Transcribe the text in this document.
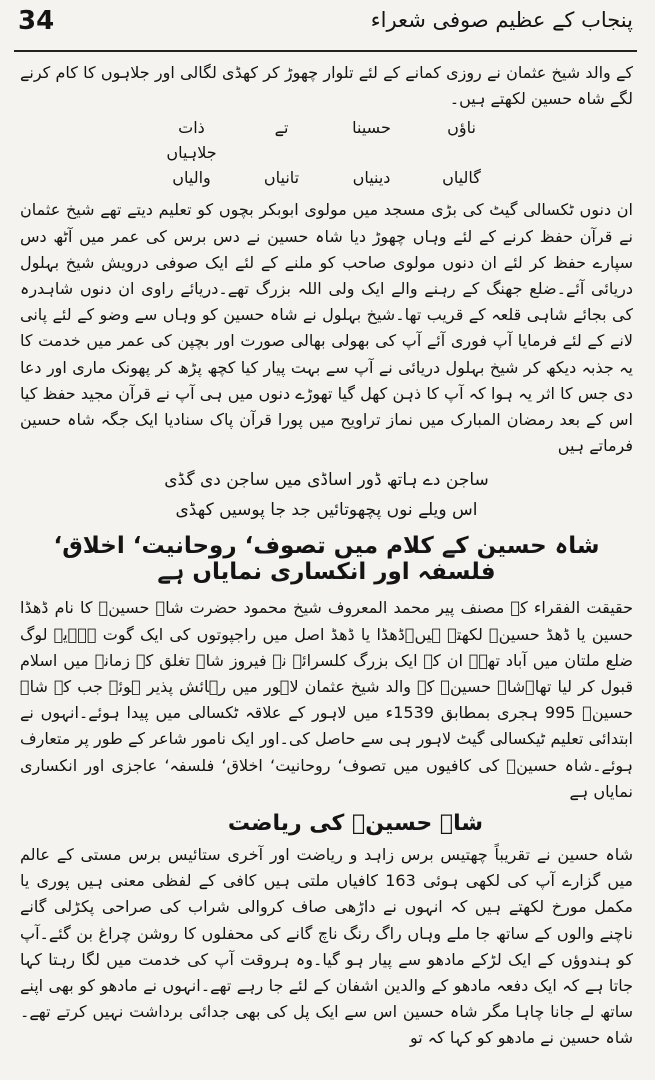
34	پنجاب کے عظیم صوفی شعراء

کے والد شیخ عثمان نے روزی کمانے کے لئے تلوار چھوڑ کر کھڈی لگالی اور جلاہوں کا کام کرنے لگے شاہ حسین لکھتے ہیں۔

ناؤں
حسینا
تے
ذات
جلاہیاں
گالیاں
دینیاں
تانیاں
والیاں

ان دنوں ٹکسالی گیٹ کی بڑی مسجد میں مولوی ابوبکر بچوں کو تعلیم دیتے تھے شیخ عثمان نے قرآن حفظ کرنے کے لئے وہاں چھوڑ دیا شاہ حسین نے دس برس کی عمر میں آٹھ دس سپارے حفظ کر لئے ان دنوں مولوی صاحب کو ملنے کے لئے ایک صوفی درویش شیخ بہلول دریائی آئے۔ضلع جھنگ کے رہنے والے ایک ولی اللہ بزرگ تھے۔دریائے راوی ان دنوں شاہدرہ کی بجائے شاہی قلعہ کے قریب تھا۔شیخ بہلول نے شاہ حسین کو وہاں سے وضو کے لئے پانی لانے کے لئے فرمایا آپ فوری آئے آپ کی بھولی بھالی صورت اور بچپن کی عمر میں خدمت کا یہ جذبہ دیکھ کر شیخ بہلول دریائی نے آپ سے بہت پیار کیا کچھ پڑھ کر پھونک ماری اور دعا دی جس کا اثر یہ ہوا کہ آپ کا ذہن کھل گیا تھوڑے دنوں میں ہی آپ نے قرآن مجید حفظ کیا اس کے بعد رمضان المبارک میں نماز تراویح میں پورا قرآن پاک سنادیا ایک جگہ شاہ حسین فرماتے ہیں

ساجن دے ہاتھ ڈور اساڈی میں ساجن دی گڈی
اس ویلے نوں پچھوتائیں جد جا پوسیں کھڈی
شاہ حسین کے کلام میں تصوف‘ روحانیت‘ اخلاق‘ فلسفہ اور انکساری نمایاں ہے

حقیقت الفقراء کے مصنف پیر محمد المعروف شیخ محمود حضرت شاہ حسینؒ کا نام ڈھڈا حسین یا ڈھڈ حسینؒ لکھتے ہیں۔ڈھڈا یا ڈھڈ اصل میں راجپوتوں کی ایک گوت ہے۔یہ لوگ ضلع ملتان میں آباد تھے۔ ان کے ایک بزرگ کلسرائے نے فیروز شاہ تغلق کے زمانے میں اسلام قبول کر لیا تھا۔شاہ حسینؒ کے والد شیخ عثمان لاہور میں رہائش پذیر ہوئے جب کہ شاہ حسینؒ 995 ہجری بمطابق 1539ء میں لاہور کے علاقہ ٹکسالی میں پیدا ہوئے۔انہوں نے ابتدائی تعلیم ٹیکسالی گیٹ لاہور ہی سے حاصل کی۔اور ایک نامور شاعر کے طور پر متعارف ہوئے۔شاہ حسینؒ کی کافیوں میں تصوف‘ روحانیت‘ اخلاق‘ فلسفہ‘ عاجزی اور انکساری نمایاں ہے

شاہ حسینؒ کی ریاضت

شاہ حسین نے تقریباً چھتیس برس زاہد و ریاضت اور آخری ستائیس برس مستی کے عالم میں گزارے آپ کی لکھی ہوئی 163 کافیاں ملتی ہیں کافی کے لفظی معنی ہیں پوری یا مکمل مورخ لکھتے ہیں کہ انہوں نے داڑھی صاف کروالی شراب کی صراحی پکڑلی گانے ناچنے والوں کے ساتھ جا ملے وہاں راگ رنگ ناچ گانے کی محفلوں کا روشن چراغ بن گئے۔آپ کو ہندوؤں کے ایک لڑکے مادھو سے پیار ہو گیا۔وہ ہروقت آپ کی خدمت میں لگا رہتا کہا جاتا ہے کہ ایک دفعہ مادھو کے والدین اشفان کے لئے جا رہے تھے۔انہوں نے مادھو کو بھی اپنے ساتھ لے جانا چاہا مگر شاہ حسین اس سے ایک پل کی بھی جدائی برداشت نہیں کرتے تھے۔شاہ حسین نے مادھو کو کہا کہ تو
